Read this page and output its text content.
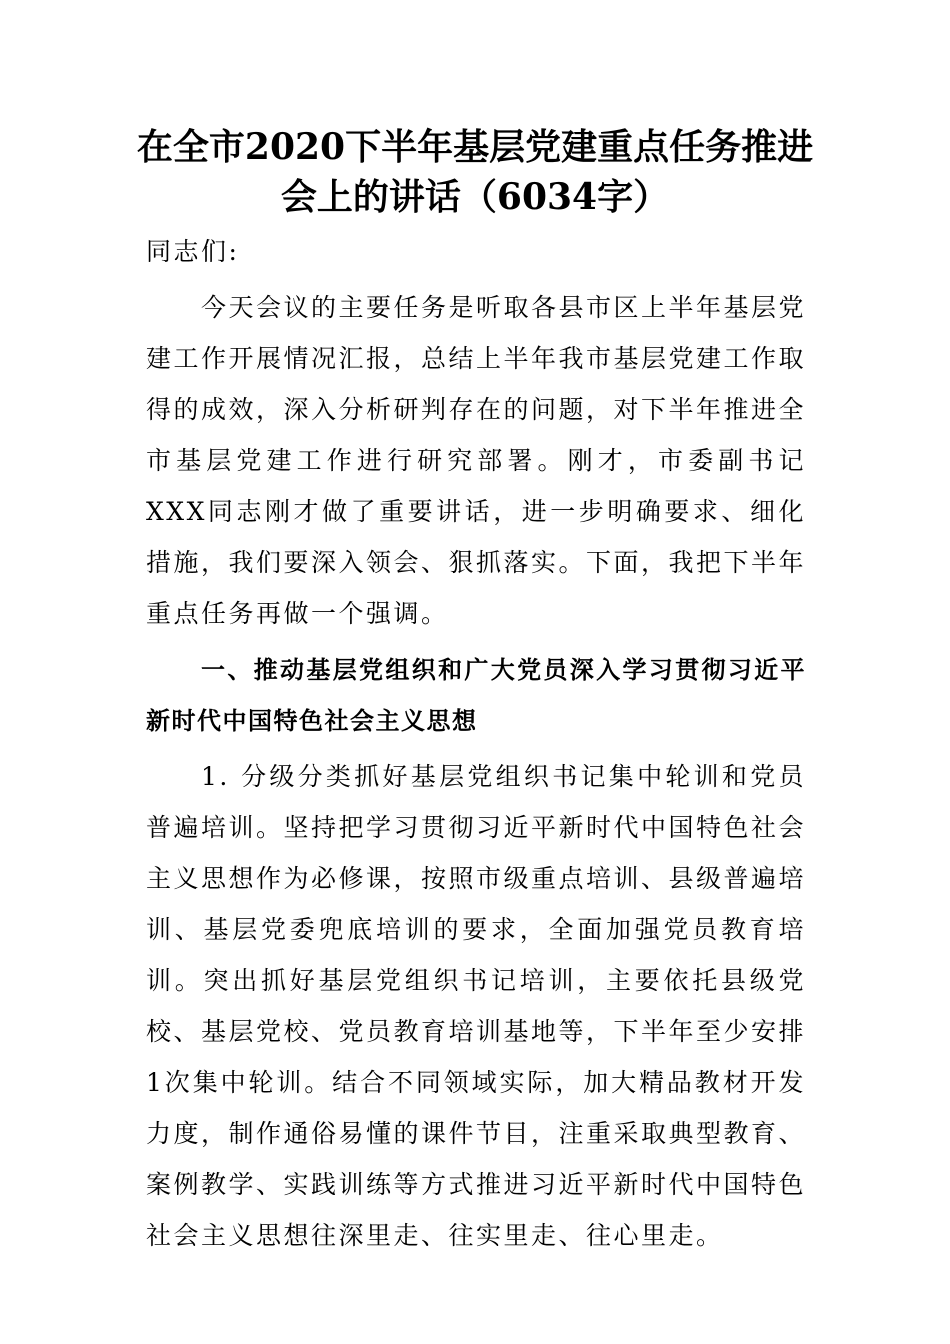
在全市2020下半年基层党建重点任务推进
会上的讲话（6034字）

同志们:

今天会议的主要任务是听取各县市区上半年基层党建工作开展情况汇报，总结上半年我市基层党建工作取得的成效，深入分析研判存在的问题，对下半年推进全市基层党建工作进行研究部署。刚才，市委副书记XXX同志刚才做了重要讲话，进一步明确要求、细化措施，我们要深入领会、狠抓落实。下面，我把下半年重点任务再做一个强调。

一、推动基层党组织和广大党员深入学习贯彻习近平新时代中国特色社会主义思想

1. 分级分类抓好基层党组织书记集中轮训和党员普遍培训。坚持把学习贯彻习近平新时代中国特色社会主义思想作为必修课，按照市级重点培训、县级普遍培训、基层党委兜底培训的要求，全面加强党员教育培训。突出抓好基层党组织书记培训，主要依托县级党校、基层党校、党员教育培训基地等，下半年至少安排1次集中轮训。结合不同领域实际，加大精品教材开发力度，制作通俗易懂的课件节目，注重采取典型教育、案例教学、实践训练等方式推进习近平新时代中国特色社会主义思想往深里走、往实里走、往心里走。
